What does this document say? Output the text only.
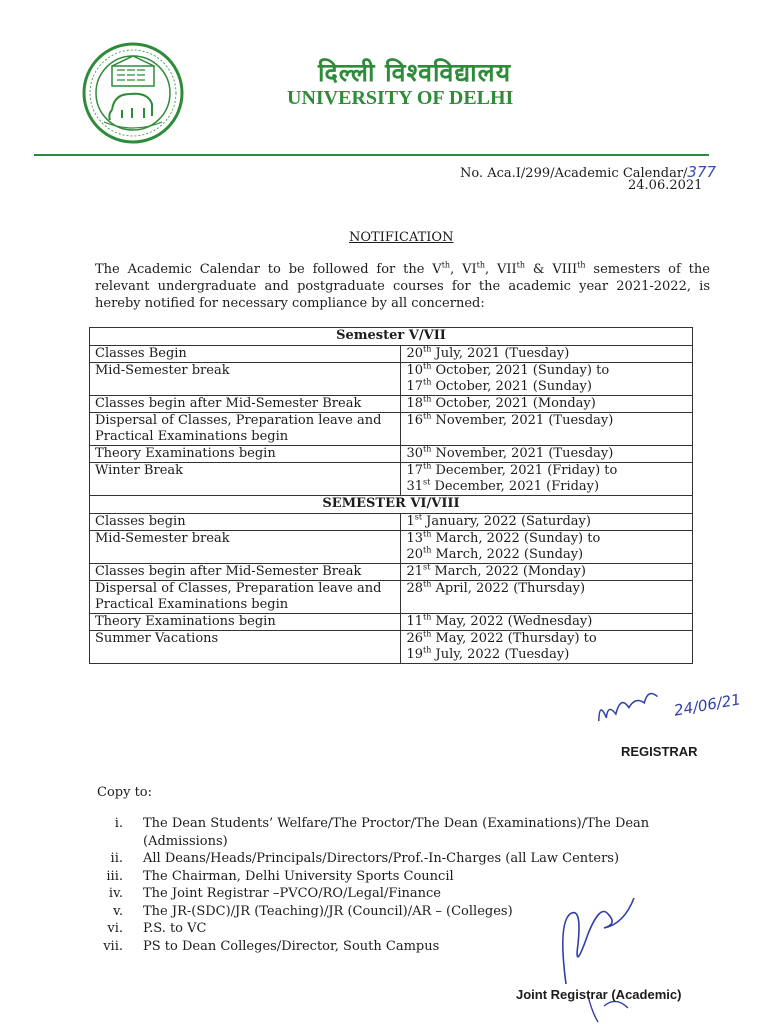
दिल्ली विश्वविद्यालय
UNIVERSITY OF DELHI
No. Aca.I/299/Academic Calendar/377
24.06.2021
NOTIFICATION

The Academic Calendar to be followed for the Vth, VIth, VIIth & VIIIth semesters of the relevant undergraduate and postgraduate courses for the academic year 2021-2022, is hereby notified for necessary compliance by all concerned:

Semester V/VII	
Classes Begin	20th July, 2021 (Tuesday)

Mid-Semester break	10th October, 2021 (Sunday) to
17th October, 2021 (Sunday)

Classes begin after Mid-Semester Break	18th October, 2021 (Monday)

Dispersal of Classes, Preparation leave and Practical Examinations begin	16th November, 2021 (Tuesday)

Theory Examinations begin	30th November, 2021 (Tuesday)

Winter Break	17th December, 2021 (Friday) to
31st December, 2021 (Friday)

SEMESTER VI/VIII	
Classes begin	1st January, 2022 (Saturday)

Mid-Semester break	13th March, 2022 (Sunday) to
20th March, 2022 (Sunday)

Classes begin after Mid-Semester Break	21st March, 2022 (Monday)

Dispersal of Classes, Preparation leave and Practical Examinations begin	28th April, 2022 (Thursday)

Theory Examinations begin	11th May, 2022 (Wednesday)

Summer Vacations	26th May, 2022 (Thursday) to
19th July, 2022 (Tuesday)
24/06/21
REGISTRAR
Copy to:
i. The Dean Students’ Welfare/The Proctor/The Dean (Examinations)/The Dean (Admissions)
ii. All Deans/Heads/Principals/Directors/Prof.-In-Charges (all Law Centers)
iii. The Chairman, Delhi University Sports Council
iv. The Joint Registrar –PVCO/RO/Legal/Finance
v. The JR-(SDC)/JR (Teaching)/JR (Council)/AR – (Colleges)
vi. P.S. to VC
vii. PS to Dean Colleges/Director, South Campus
Joint Registrar (Academic)
